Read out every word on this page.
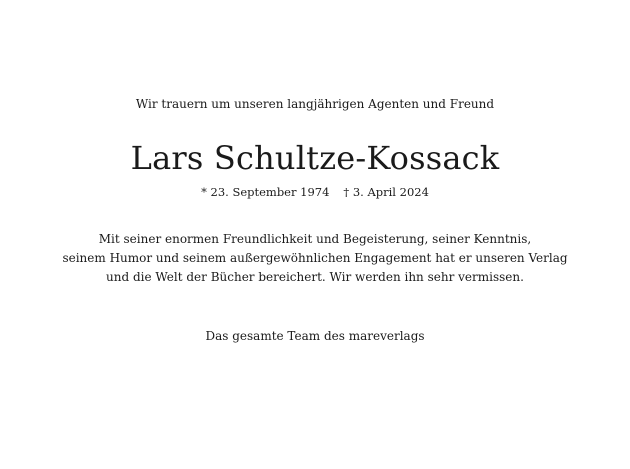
Wir trauern um unseren langjährigen Agenten und Freund
Lars Schultze-Kossack
* 23. September 1974 † 3. April 2024
Mit seiner enormen Freundlichkeit und Begeisterung, seiner Kenntnis,
seinem Humor und seinem außergewöhnlichen Engagement hat er unseren Verlag
und die Welt der Bücher bereichert. Wir werden ihn sehr vermissen.
Das gesamte Team des mareverlags
